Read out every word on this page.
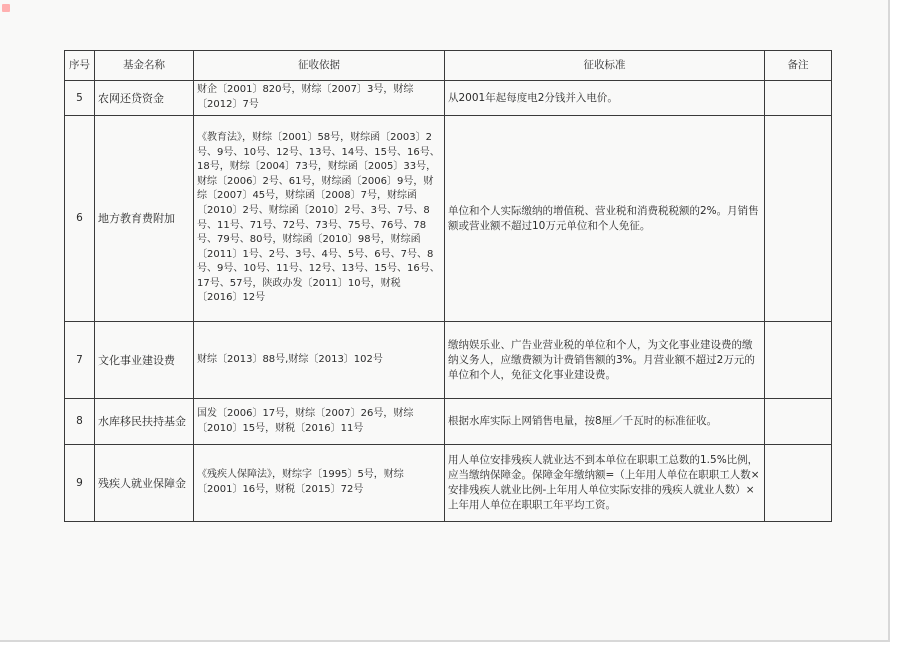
序号	基金名称	征收依据	征收标准	备注
5	农网还贷资金	财企〔2001〕820号，财综〔2007〕3号，财综〔2012〕7号	从2001年起每度电2分钱并入电价。	
6	地方教育费附加	《教育法》，财综〔2001〕58号，财综函〔2003〕2号、9号、10号、12号、13号、14号、15号、16号、18号，财综〔2004〕73号，财综函〔2005〕33号，财综〔2006〕2号、61号，财综函〔2006〕9号，财综〔2007〕45号，财综函〔2008〕7号，财综函〔2010〕2号、财综函〔2010〕2号、3号、7号、8号、11号、71号、72号、73号、75号、76号、78号、79号、80号，财综函〔2010〕98号，财综函〔2011〕1号、2号、3号、4号、5号、6号、7号、8号、9号、10号、11号、12号、13号、15号、16号、17号、57号，陕政办发〔2011〕10号，财税〔2016〕12号	单位和个人实际缴纳的增值税、营业税和消费税税额的2%。月销售额或营业额不超过10万元单位和个人免征。	
7	文化事业建设费	财综〔2013〕88号,财综〔2013〕102号	缴纳娱乐业、广告业营业税的单位和个人，为文化事业建设费的缴纳义务人，应缴费额为计费销售额的3%。月营业额不超过2万元的单位和个人，免征文化事业建设费。	
8	水库移民扶持基金	国发〔2006〕17号，财综〔2007〕26号，财综〔2010〕15号，财税〔2016〕11号	根据水库实际上网销售电量，按8厘／千瓦时的标准征收。	
9	残疾人就业保障金	《残疾人保障法》，财综字〔1995〕5号，财综〔2001〕16号，财税〔2015〕72号	用人单位安排残疾人就业达不到本单位在职职工总数的1.5%比例，应当缴纳保障金。保障金年缴纳额=（上年用人单位在职职工人数×安排残疾人就业比例-上年用人单位实际安排的残疾人就业人数）×上年用人单位在职职工年平均工资。	
